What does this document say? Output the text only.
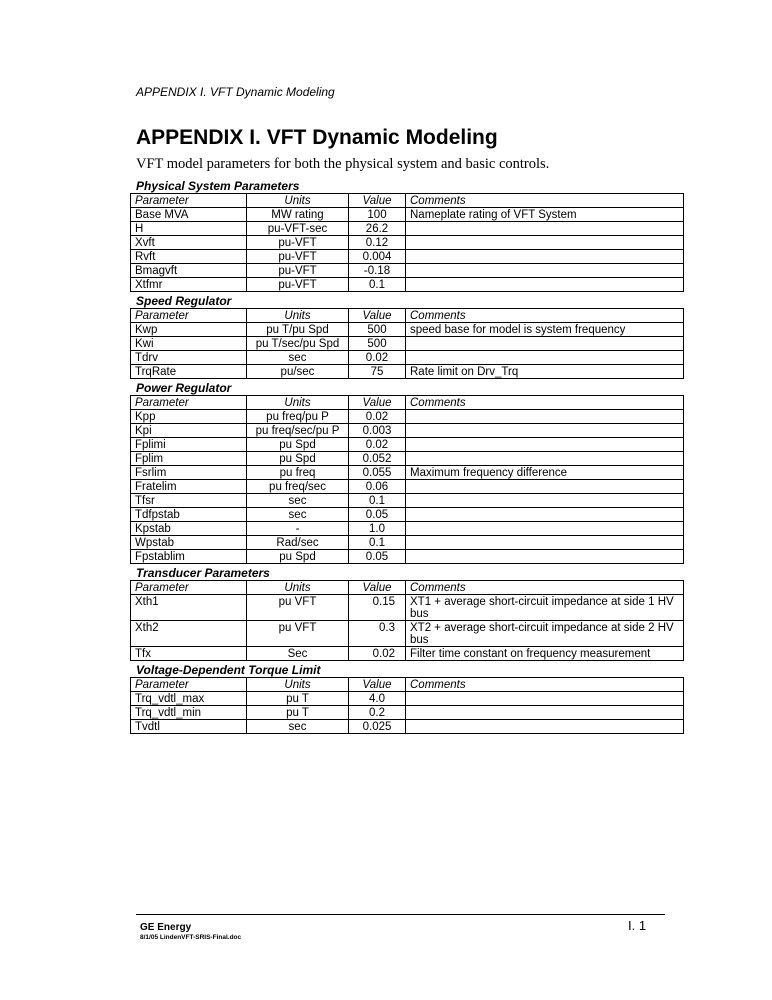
APPENDIX I. VFT Dynamic Modeling
APPENDIX I. VFT Dynamic Modeling
VFT model parameters for both the physical system and basic controls.
Physical System Parameters
Parameter	Units	Value	Comments
Base MVA	MW rating	100	Nameplate rating of VFT System
H	pu-VFT-sec	26.2	
Xvft	pu-VFT	0.12	
Rvft	pu-VFT	0.004	
Bmagvft	pu-VFT	-0.18	
Xtfmr	pu-VFT	0.1	
Speed Regulator
Parameter	Units	Value	Comments
Kwp	pu T/pu Spd	500	speed base for model is system frequency
Kwi	pu T/sec/pu Spd	500	
Tdrv	sec	0.02	
TrqRate	pu/sec	75	Rate limit on Drv_Trq
Power Regulator
Parameter	Units	Value	Comments
Kpp	pu freq/pu P	0.02	
Kpi	pu freq/sec/pu P	0.003	
Fplimi	pu Spd	0.02	
Fplim	pu Spd	0.052	
Fsrlim	pu freq	0.055	Maximum frequency difference
Fratelim	pu freq/sec	0.06	
Tfsr	sec	0.1	
Tdfpstab	sec	0.05	
Kpstab	-	1.0	
Wpstab	Rad/sec	0.1	
Fpstablim	pu Spd	0.05	
Transducer Parameters
Parameter	Units	Value	Comments
Xth1	pu VFT	0.15	XT1 + average short-circuit impedance at side 1 HV bus
Xth2	pu VFT	0.3	XT2 + average short-circuit impedance at side 2 HV bus
Tfx	Sec	0.02	Filter time constant on frequency measurement
Voltage-Dependent Torque Limit
Parameter	Units	Value	Comments
Trq_vdtl_max	pu T	4.0	
Trq_vdtl_min	pu T	0.2	
Tvdtl	sec	0.025	
GE Energy
8/1/05 LindenVFT-SRIS-Final.doc
I. 1
